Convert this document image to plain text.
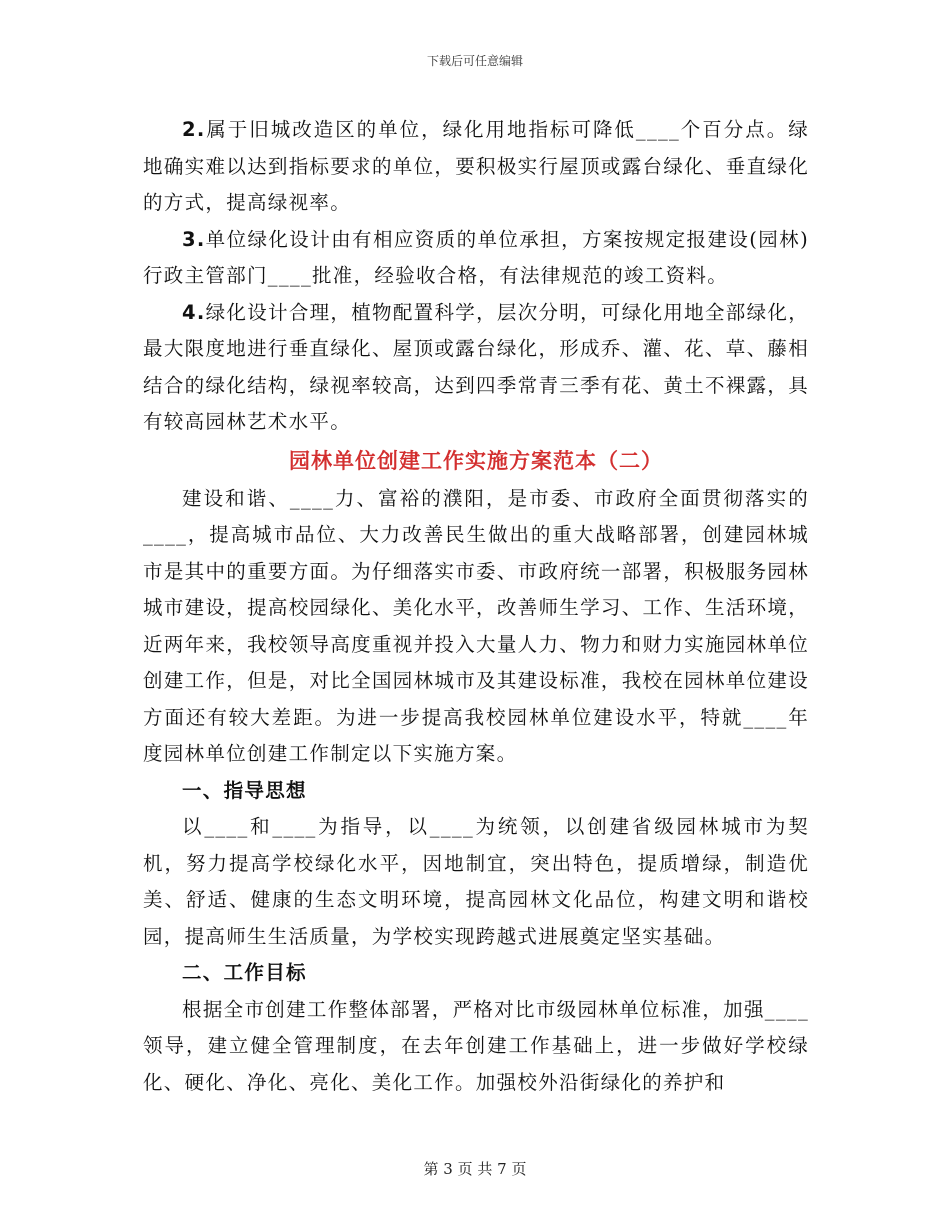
下载后可任意编辑

2.属于旧城改造区的单位，绿化用地指标可降低____个百分点。绿地确实难以达到指标要求的单位，要积极实行屋顶或露台绿化、垂直绿化的方式，提高绿视率。

3.单位绿化设计由有相应资质的单位承担，方案按规定报建设(园林)行政主管部门____批准，经验收合格，有法律规范的竣工资料。

4.绿化设计合理，植物配置科学，层次分明，可绿化用地全部绿化，最大限度地进行垂直绿化、屋顶或露台绿化，形成乔、灌、花、草、藤相结合的绿化结构，绿视率较高，达到四季常青三季有花、黄土不裸露，具有较高园林艺术水平。

园林单位创建工作实施方案范本（二）

建设和谐、____力、富裕的濮阳，是市委、市政府全面贯彻落实的____，提高城市品位、大力改善民生做出的重大战略部署，创建园林城市是其中的重要方面。为仔细落实市委、市政府统一部署，积极服务园林城市建设，提高校园绿化、美化水平，改善师生学习、工作、生活环境，近两年来，我校领导高度重视并投入大量人力、物力和财力实施园林单位创建工作，但是，对比全国园林城市及其建设标准，我校在园林单位建设方面还有较大差距。为进一步提高我校园林单位建设水平，特就____年度园林单位创建工作制定以下实施方案。

一、指导思想

以____和____为指导，以____为统领，以创建省级园林城市为契机，努力提高学校绿化水平，因地制宜，突出特色，提质增绿，制造优美、舒适、健康的生态文明环境，提高园林文化品位，构建文明和谐校园，提高师生生活质量，为学校实现跨越式进展奠定坚实基础。

二、工作目标

根据全市创建工作整体部署，严格对比市级园林单位标准，加强____领导，建立健全管理制度，在去年创建工作基础上，进一步做好学校绿化、硬化、净化、亮化、美化工作。加强校外沿街绿化的养护和

第 3 页 共 7 页
